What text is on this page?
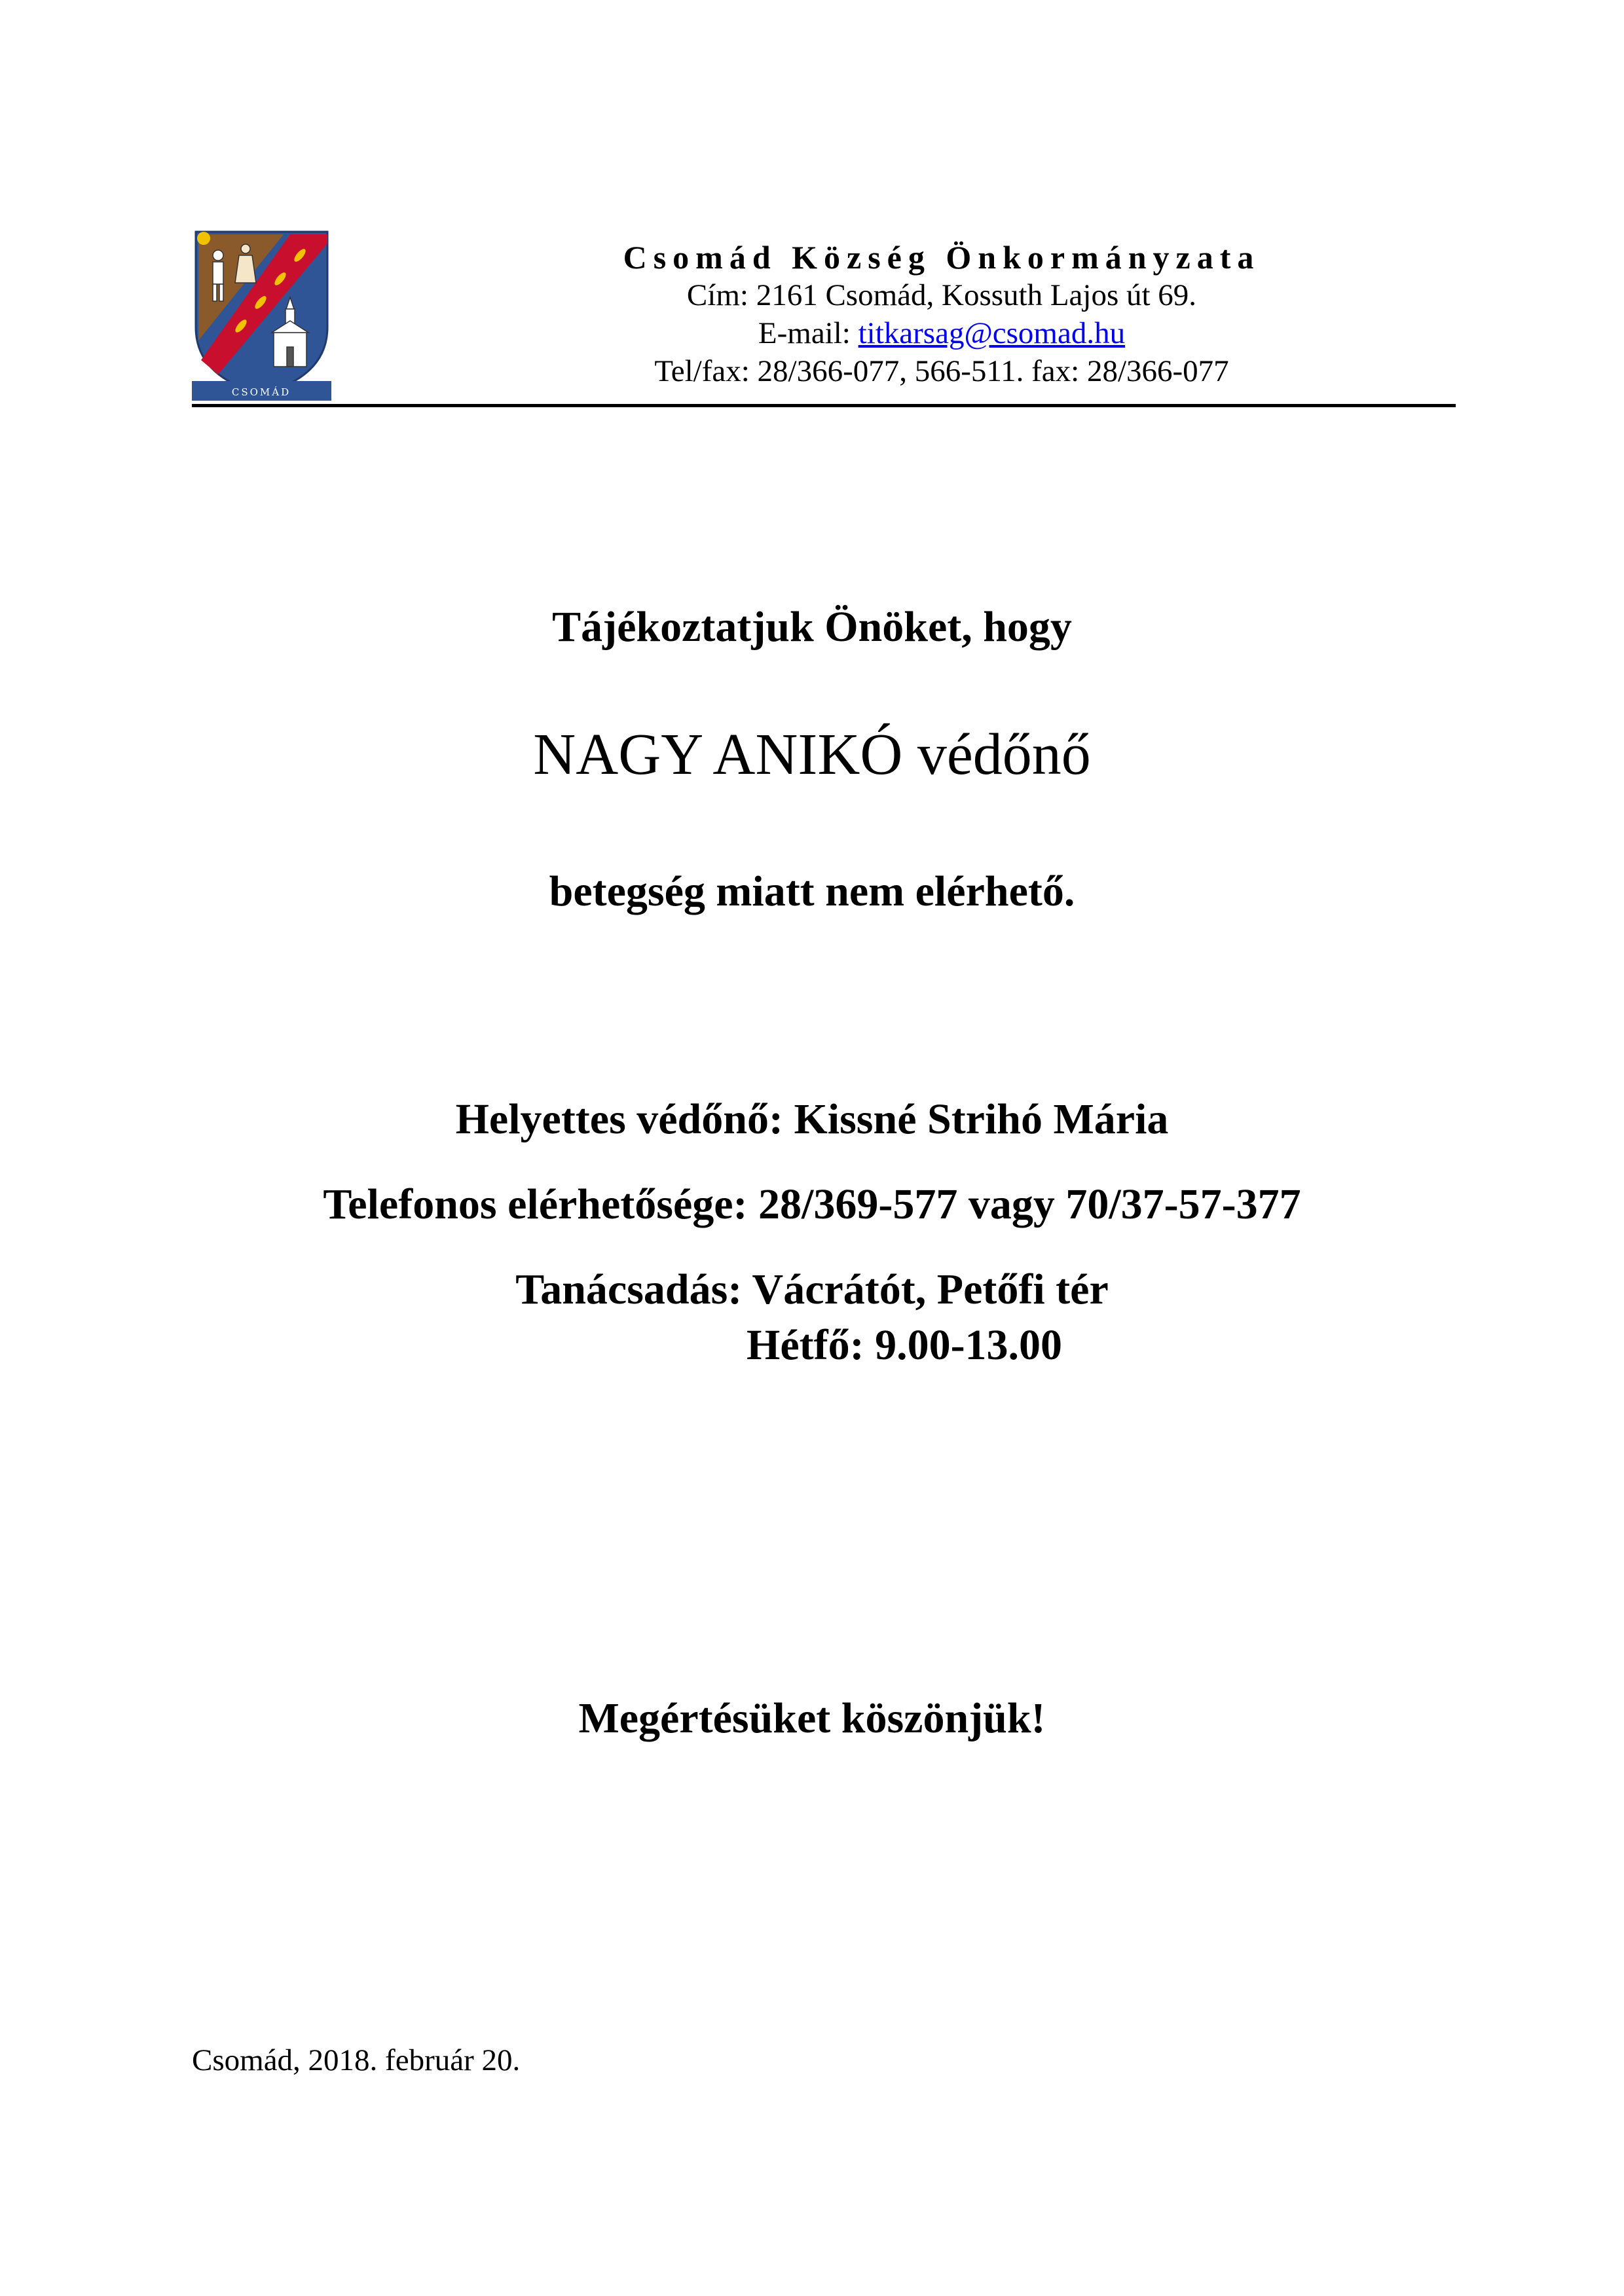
CSOMÁD
Csomád Község Önkormányzata
Cím: 2161 Csomád, Kossuth Lajos út 69.
E-mail: titkarsag@csomad.hu
Tel/fax: 28/366-077, 566-511. fax: 28/366-077
Tájékoztatjuk Önöket, hogy
NAGY ANIKÓ védőnő
betegség miatt nem elérhető.
Helyettes védőnő: Kissné Strihó Mária
Telefonos elérhetősége: 28/369-577 vagy 70/37-57-377
Tanácsadás: Vácrátót, Petőfi tér
Hétfő: 9.00-13.00
Megértésüket köszönjük!
Csomád, 2018. február 20.
